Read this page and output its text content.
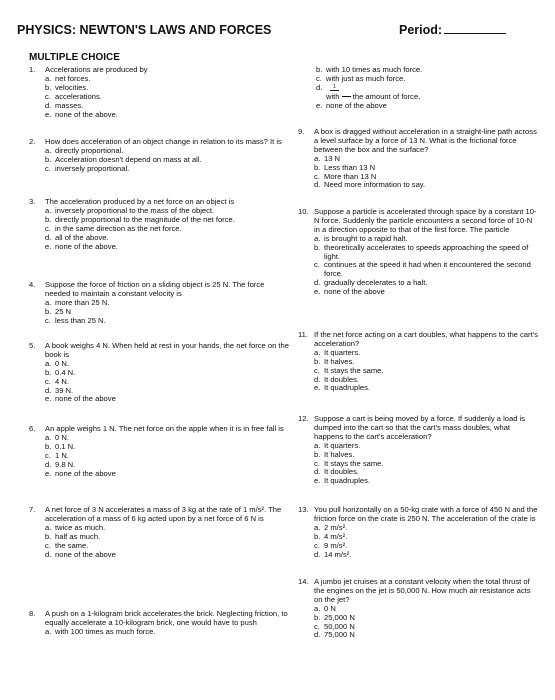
PHYSICS: NEWTON'S LAWS AND FORCES	Period:
MULTIPLE CHOICE
1. Accelerations are produced by
a. net forces.
b. velocities.
c. accelerations.
d. masses.
e. none of the above.
2. How does acceleration of an object change in relation to its mass? It is
a. directly proportional.
b. Acceleration doesn't depend on mass at all.
c. inversely proportional.
3. The acceleration produced by a net force on an object is
a. inversely proportional to the mass of the object.
b. directly proportional to the magnitude of the net force.
c. in the same direction as the net force.
d. all of the above.
e. none of the above.
4. Suppose the force of friction on a sliding object is 25 N. The force needed to maintain a constant velocity is
a. more than 25 N.
b. 25 N
c. less than 25 N.
5. A book weighs 4 N. When held at rest in your hands, the net force on the book is
a. 0 N.
b. 0.4 N.
c. 4 N.
d. 39 N.
e. none of the above
6. An apple weighs 1 N. The net force on the apple when it is in free fall is
a. 0 N.
b. 0.1 N.
c. 1 N.
d. 9.8 N.
e. none of the above
7. A net force of 3 N accelerates a mass of 3 kg at the rate of 1 m/s². The acceleration of a mass of 6 kg acted upon by a net force of 6 N is
a. twice as much.
b. half as much.
c. the same.
d. none of the above
8. A push on a 1-kilogram brick accelerates the brick. Neglecting friction, to equally accelerate a 10-kilogram brick, one would have to push
a. with 100 times as much force.
b. with 10 times as much force.
c. with just as much force.
d.	1
with the amount of force.
e. none of the above
9. A box is dragged without acceleration in a straight-line path across a level surface by a force of 13 N. What is the frictional force between the box and the surface?
a. 13 N
b. Less than 13 N
c. More than 13 N
d. Need more information to say.
10. Suppose a particle is accelerated through space by a constant 10-N force. Suddenly the particle encounters a second force of 10-N in a direction opposite to that of the first force. The particle
a. is brought to a rapid halt.
b. theoretically accelerates to speeds approaching the speed of light.
c. continues at the speed it had when it encountered the second force.
d. gradually decelerates to a halt.
e. none of the above
11. If the net force acting on a cart doubles, what happens to the cart's acceleration?
a. It quarters.
b. It halves.
c. It stays the same.
d. It doubles.
e. It quadruples.
12. Suppose a cart is being moved by a force. If suddenly a load is dumped into the cart so that the cart's mass doubles, what happens to the cart's acceleration?
a. It quarters.
b. It halves.
c. It stays the same.
d. It doubles.
e. It quadruples.
13. You pull horizontally on a 50-kg crate with a force of 450 N and the friction force on the crate is 250 N. The acceleration of the crate is
a. 2 m/s².
b. 4 m/s².
c. 9 m/s².
d. 14 m/s².
14. A jumbo jet cruises at a constant velocity when the total thrust of the engines on the jet is 50,000 N. How much air resistance acts on the jet?
a. 0 N
b. 25,000 N
c. 50,000 N
d. 75,000 N
